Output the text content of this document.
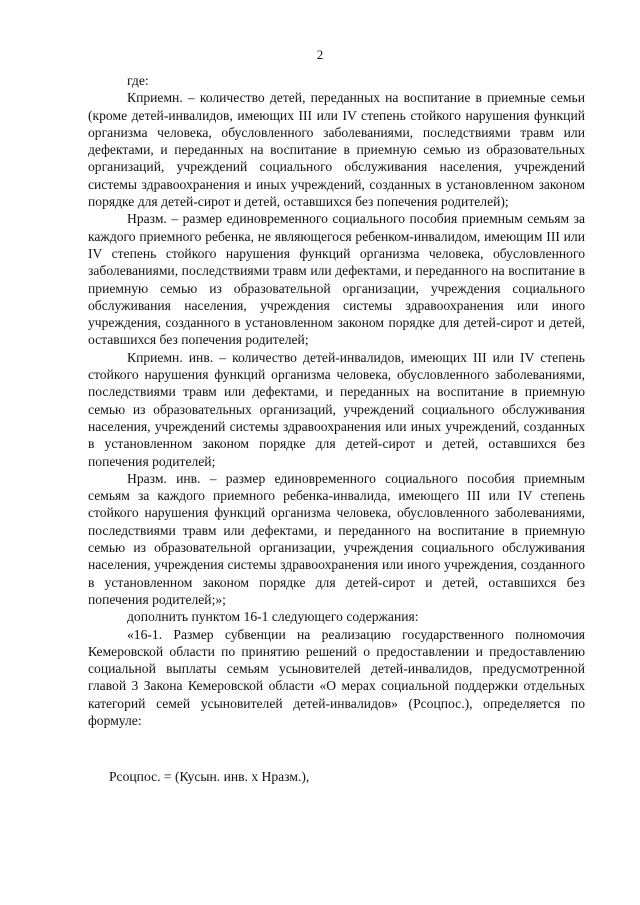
2

где:

Кприемн. – количество детей, переданных на воспитание в приемные семьи (кроме детей-инвалидов, имеющих III или IV степень стойкого нарушения функций организма человека, обусловленного заболеваниями, последствиями травм или дефектами, и переданных на воспитание в приемную семью из образовательных организаций, учреждений социального обслуживания населения, учреждений системы здравоохранения и иных учреждений, созданных в установленном законом порядке для детей-сирот и детей, оставшихся без попечения родителей);

Нразм. – размер единовременного социального пособия приемным семьям за каждого приемного ребенка, не являющегося ребенком-инвалидом, имеющим III или IV степень стойкого нарушения функций организма человека, обусловленного заболеваниями, последствиями травм или дефектами, и переданного на воспитание в приемную семью из образовательной организации, учреждения социального обслуживания населения, учреждения системы здравоохранения или иного учреждения, созданного в установленном законом порядке для детей-сирот и детей, оставшихся без попечения родителей;

Кприемн. инв. – количество детей-инвалидов, имеющих III или IV степень стойкого нарушения функций организма человека, обусловленного заболеваниями, последствиями травм или дефектами, и переданных на воспитание в приемную семью из образовательных организаций, учреждений социального обслуживания населения, учреждений системы здравоохранения или иных учреждений, созданных в установленном законом порядке для детей-сирот и детей, оставшихся без попечения родителей;

Нразм. инв. – размер единовременного социального пособия приемным семьям за каждого приемного ребенка-инвалида, имеющего III или IV степень стойкого нарушения функций организма человека, обусловленного заболеваниями, последствиями травм или дефектами, и переданного на воспитание в приемную семью из образовательной организации, учреждения социального обслуживания населения, учреждения системы здравоохранения или иного учреждения, созданного в установленном законом порядке для детей-сирот и детей, оставшихся без попечения родителей;»;

дополнить пунктом 16-1 следующего содержания:

«16-1. Размер субвенции на реализацию государственного полномочия Кемеровской области по принятию решений о предоставлении и предоставлению социальной выплаты семьям усыновителей детей-инвалидов, предусмотренной главой 3 Закона Кемеровской области «О мерах социальной поддержки отдельных категорий семей усыновителей детей-инвалидов» (Рсоцпос.), определяется по формуле:

Рсоцпос. = (Кусын. инв. х Нразм.),
